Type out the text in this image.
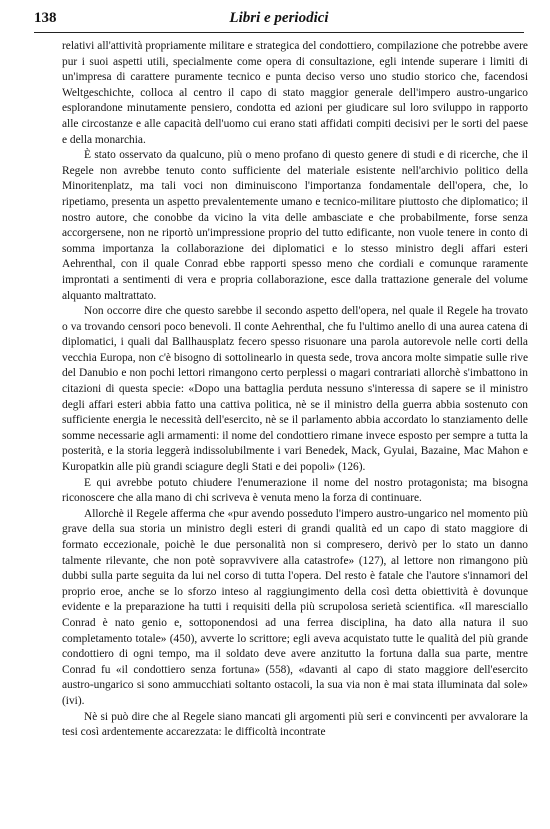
138	Libri e periodici

relativi all'attività propriamente militare e strategica del condottiero, compilazione che potrebbe avere pur i suoi aspetti utili, specialmente come opera di consultazione, egli intende superare i limiti di un'impresa di carattere puramente tecnico e punta deciso verso uno studio storico che, facendosi Weltgeschichte, colloca al centro il capo di stato maggior generale dell'impero austro-ungarico esplorandone minutamente pensiero, condotta ed azioni per giudicare sul loro sviluppo in rapporto alle circostanze e alle capacità dell'uomo cui erano stati affidati compiti decisivi per le sorti del paese e della monarchia.

È stato osservato da qualcuno, più o meno profano di questo genere di studi e di ricerche, che il Regele non avrebbe tenuto conto sufficiente del materiale esistente nell'archivio politico della Minoritenplatz, ma tali voci non diminuiscono l'importanza fondamentale dell'opera, che, lo ripetiamo, presenta un aspetto prevalentemente umano e tecnico-militare piuttosto che diplomatico; il nostro autore, che conobbe da vicino la vita delle ambasciate e che probabilmente, forse senza accorgersene, non ne riportò un'impressione proprio del tutto edificante, non vuole tenere in conto di somma importanza la collaborazione dei diplomatici e lo stesso ministro degli affari esteri Aehrenthal, con il quale Conrad ebbe rapporti spesso meno che cordiali e comunque raramente improntati a sentimenti di vera e propria collaborazione, esce dalla trattazione generale del volume alquanto maltrattato.

Non occorre dire che questo sarebbe il secondo aspetto dell'opera, nel quale il Regele ha trovato o va trovando censori poco benevoli. Il conte Aehrenthal, che fu l'ultimo anello di una aurea catena di diplomatici, i quali dal Ballhausplatz fecero spesso risuonare una parola autorevole nelle corti della vecchia Europa, non c'è bisogno di sottolinearlo in questa sede, trova ancora molte simpatie sulle rive del Danubio e non pochi lettori rimangono certo perplessi o magari contrariati allorchè s'imbattono in citazioni di questa specie: «Dopo una battaglia perduta nessuno s'interessa di sapere se il ministro degli affari esteri abbia fatto una cattiva politica, nè se il ministro della guerra abbia sostenuto con sufficiente energia le necessità dell'esercito, nè se il parlamento abbia accordato lo stanziamento delle somme necessarie agli armamenti: il nome del condottiero rimane invece esposto per sempre a tutta la posterità, e la storia leggerà indissolubilmente i vari Benedek, Mack, Gyulai, Bazaine, Mac Mahon e Kuropatkin alle più grandi sciagure degli Stati e dei popoli» (126).

E qui avrebbe potuto chiudere l'enumerazione il nome del nostro protagonista; ma bisogna riconoscere che alla mano di chi scriveva è venuta meno la forza di continuare.

Allorchè il Regele afferma che «pur avendo posseduto l'impero austro-ungarico nel momento più grave della sua storia un ministro degli esteri di grandi qualità ed un capo di stato maggiore di formato eccezionale, poichè le due personalità non si compresero, derivò per lo stato un danno talmente rilevante, che non potè sopravvivere alla catastrofe» (127), al lettore non rimangono più dubbi sulla parte seguita da lui nel corso di tutta l'opera. Del resto è fatale che l'autore s'innamori del proprio eroe, anche se lo sforzo inteso al raggiungimento della così detta obiettività è dovunque evidente e la preparazione ha tutti i requisiti della più scrupolosa serietà scientifica. «Il maresciallo Conrad è nato genio e, sottoponendosi ad una ferrea disciplina, ha dato alla natura il suo completamento totale» (450), avverte lo scrittore; egli aveva acquistato tutte le qualità del più grande condottiero di ogni tempo, ma il soldato deve avere anzitutto la fortuna dalla sua parte, mentre Conrad fu «il condottiero senza fortuna» (558), «davanti al capo di stato maggiore dell'esercito austro-ungarico si sono ammucchiati soltanto ostacoli, la sua via non è mai stata illuminata dal sole» (ivi).

Nè si può dire che al Regele siano mancati gli argomenti più seri e convincenti per avvalorare la tesi così ardentemente accarezzata: le difficoltà incontrate
